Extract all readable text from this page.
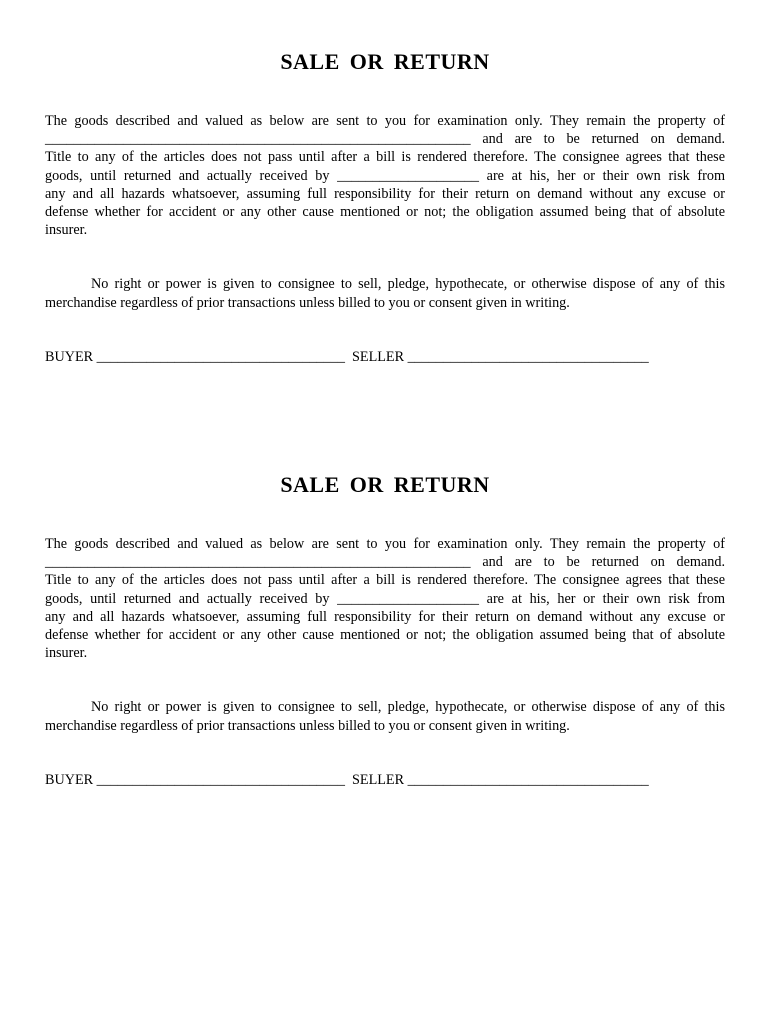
SALE OR RETURN
The goods described and valued as below are sent to you for examination only. They remain the property of
____________________________________________________________ and are to be returned on demand.
Title to any of the articles does not pass until after a bill is rendered therefore. The consignee agrees that these
goods, until returned and actually received by ____________________ are at his, her or their own risk from
any and all hazards whatsoever, assuming full responsibility for their return on demand without any excuse or
defense whether for accident or any other cause mentioned or not; the obligation assumed being that of absolute
insurer.
No right or power is given to consignee to sell, pledge, hypothecate, or otherwise dispose of any of this
merchandise regardless of prior transactions unless billed to you or consent given in writing.
BUYER ___________________________________ SELLER __________________________________
SALE OR RETURN
The goods described and valued as below are sent to you for examination only. They remain the property of
____________________________________________________________ and are to be returned on demand.
Title to any of the articles does not pass until after a bill is rendered therefore. The consignee agrees that these
goods, until returned and actually received by ____________________ are at his, her or their own risk from
any and all hazards whatsoever, assuming full responsibility for their return on demand without any excuse or
defense whether for accident or any other cause mentioned or not; the obligation assumed being that of absolute
insurer.
No right or power is given to consignee to sell, pledge, hypothecate, or otherwise dispose of any of this
merchandise regardless of prior transactions unless billed to you or consent given in writing.
BUYER ___________________________________ SELLER __________________________________
